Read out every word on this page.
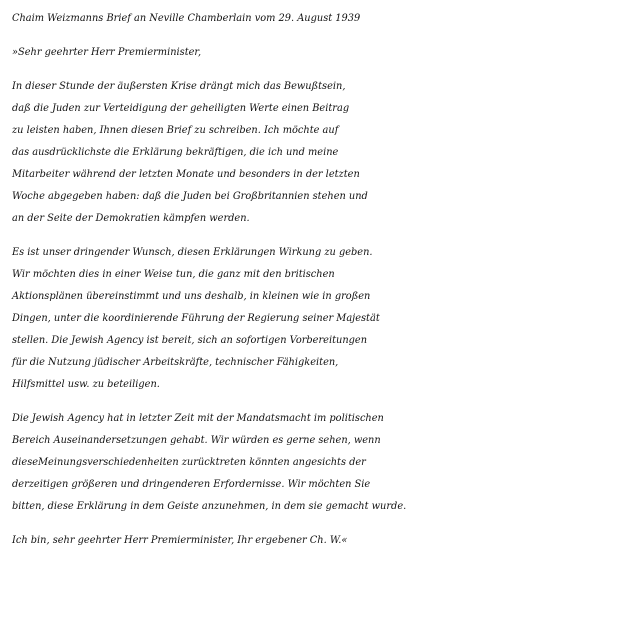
Chaim Weizmanns Brief an Neville Chamberlain vom 29. August 1939
»Sehr geehrter Herr Premierminister,
In dieser Stunde der äußersten Krise drängt mich das Bewußtsein,
daß die Juden zur Verteidigung der geheiligten Werte einen Beitrag
zu leisten haben, Ihnen diesen Brief zu schreiben. Ich möchte auf
das ausdrücklichste die Erklärung bekräftigen, die ich und meine
Mitarbeiter während der letzten Monate und besonders in der letzten
Woche abgegeben haben: daß die Juden bei Großbritannien stehen und
an der Seite der Demokratien kämpfen werden.
Es ist unser dringender Wunsch, diesen Erklärungen Wirkung zu geben.
Wir möchten dies in einer Weise tun, die ganz mit den britischen
Aktionsplänen übereinstimmt und uns deshalb, in kleinen wie in großen
Dingen, unter die koordinierende Führung der Regierung seiner Majestät
stellen. Die Jewish Agency ist bereit, sich an sofortigen Vorbereitungen
für die Nutzung jüdischer Arbeitskräfte, technischer Fähigkeiten,
Hilfsmittel usw. zu beteiligen.
Die Jewish Agency hat in letzter Zeit mit der Mandatsmacht im politischen
Bereich Auseinandersetzungen gehabt. Wir würden es gerne sehen, wenn
dieseMeinungsverschiedenheiten zurücktreten könnten angesichts der
derzeitigen größeren und dringenderen Erfordernisse. Wir möchten Sie
bitten, diese Erklärung in dem Geiste anzunehmen, in dem sie gemacht wurde.
Ich bin, sehr geehrter Herr Premierminister, Ihr ergebener Ch. W.«
